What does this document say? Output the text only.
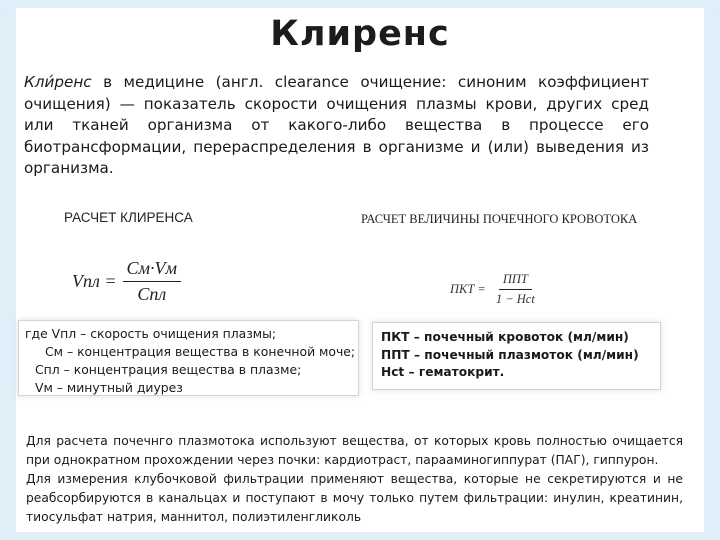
Клиренс
Кли́ренс в медицине (англ. clearance очищение: синоним коэффициент очищения) — показатель скорости очищения плазмы крови, других сред или тканей организма от какого-либо вещества в процессе его биотрансформации, перераспределения в организме и (или) выведения из организма.
РАСЧЕТ КЛИРЕНСА	РАСЧЕТ ВЕЛИЧИНЫ ПОЧЕЧНОГО КРОВОТОКА
Vпл = $\frac{См\cdot Vм}{\text{Спл}}$	ПКТ = $\frac{\text{ППТ}}{\text{1 − Нct}}$
где Vпл – скорость очищения плазмы;
См – концентрация вещества в конечной моче;
Спл – концентрация вещества в плазме;
Vм – минутный диурез
ПКТ – почечный кровоток (мл/мин)
ППТ – почечный плазмоток (мл/мин)
Hct – гематокрит.

Для расчета почечнго плазмотока используют вещества, от которых кровь полностью очищается при однократном прохождении через почки: кардиотраст, парааминогиппурат (ПАГ), гиппурон.

Для измерения клубочковой фильтрации применяют вещества, которые не секретируются и не реабсорбируются в канальцах и поступают в мочу только путем фильтрации: инулин, креатинин, тиосульфат натрия, маннитол, полиэтиленгликоль
